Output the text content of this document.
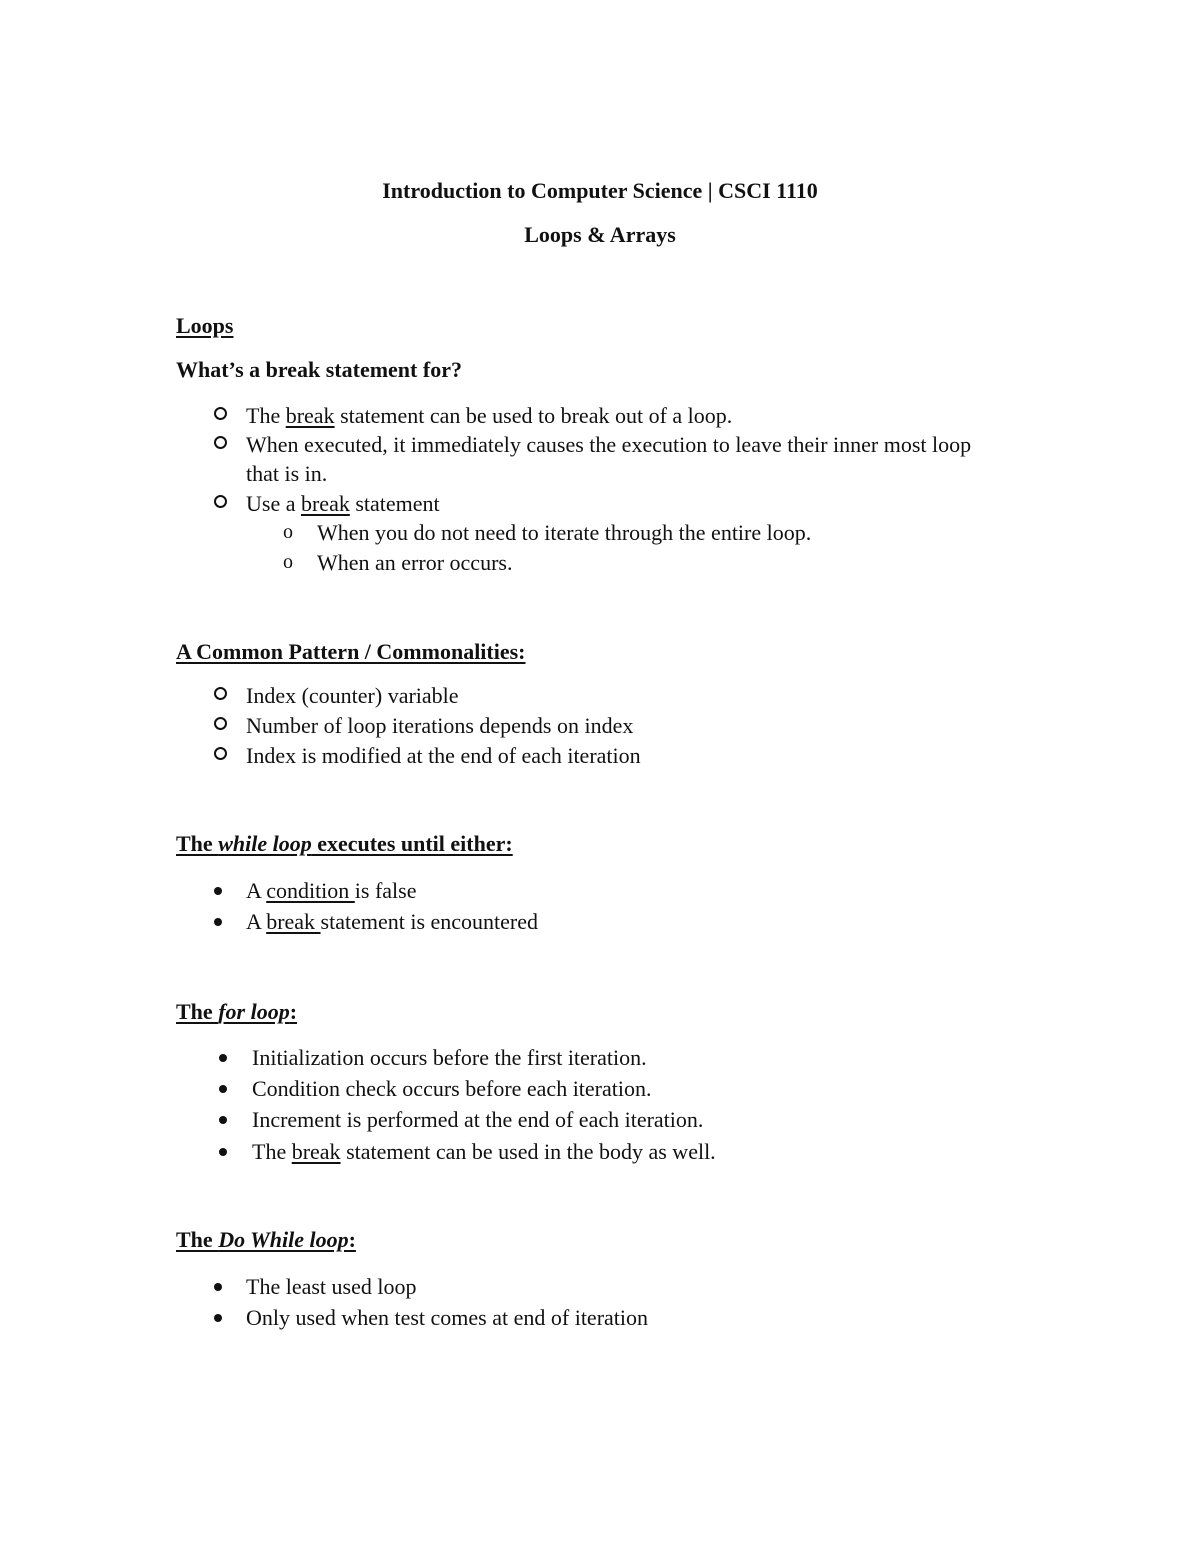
Introduction to Computer Science | CSCI 1110
Loops & Arrays
Loops
What’s a break statement for?
The break statement can be used to break out of a loop.
When executed, it immediately causes the execution to leave their inner most loop
that is in.
Use a break statement
o When you do not need to iterate through the entire loop.
o When an error occurs.
A Common Pattern / Commonalities:
Index (counter) variable
Number of loop iterations depends on index
Index is modified at the end of each iteration
The while loop executes until either:
A condition is false
A break statement is encountered
The for loop:
Initialization occurs before the first iteration.
Condition check occurs before each iteration.
Increment is performed at the end of each iteration.
The break statement can be used in the body as well.
The Do While loop:
The least used loop
Only used when test comes at end of iteration
